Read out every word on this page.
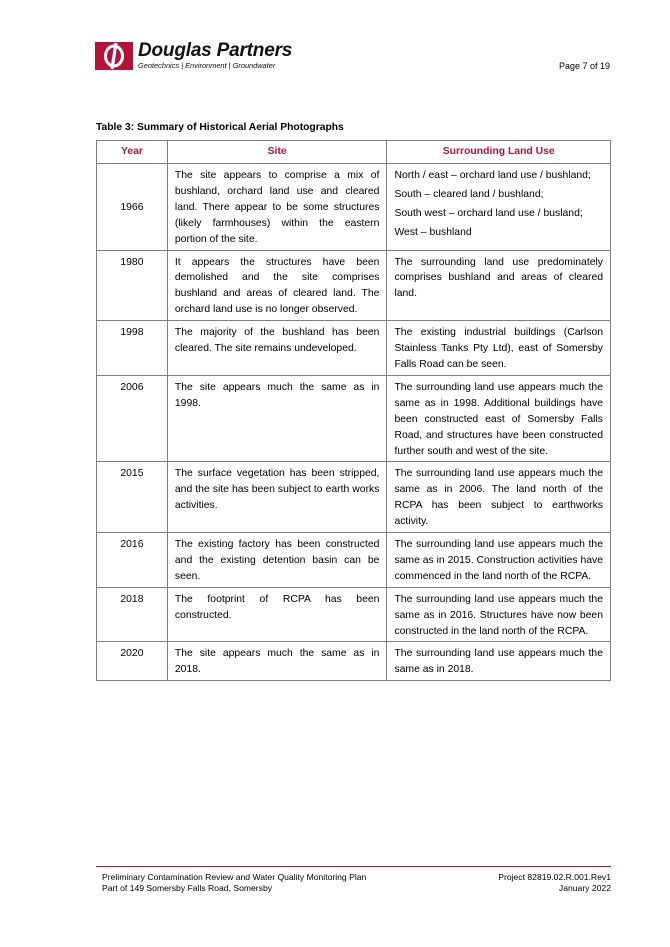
Douglas Partners
Geotechnics | Environment | Groundwater	Page 7 of 19
Table 3: Summary of Historical Aerial Photographs
Year	Site	Surrounding Land Use
1966	The site appears to comprise a mix of bushland, orchard land use and cleared land. There appear to be some structures (likely farmhouses) within the eastern portion of the site.	North / east – orchard land use / bushland;
South – cleared land / bushland;
South west – orchard land use / busland;
West – bushland

1980	It appears the structures have been demolished and the site comprises bushland and areas of cleared land. The orchard land use is no longer observed.	The surrounding land use predominately comprises bushland and areas of cleared land.
1998	The majority of the bushland has been cleared. The site remains undeveloped.	The existing industrial buildings (Carlson Stainless Tanks Pty Ltd), east of Somersby Falls Road can be seen.
2006	The site appears much the same as in 1998.	The surrounding land use appears much the same as in 1998. Additional buildings have been constructed east of Somersby Falls Road, and structures have been constructed further south and west of the site.
2015	The surface vegetation has been stripped, and the site has been subject to earth works activities.	The surrounding land use appears much the same as in 2006. The land north of the RCPA has been subject to earthworks activity.
2016	The existing factory has been constructed and the existing detention basin can be seen.	The surrounding land use appears much the same as in 2015. Construction activities have commenced in the land north of the RCPA.
2018	The footprint of RCPA has been constructed.	The surrounding land use appears much the same as in 2016. Structures have now been constructed in the land north of the RCPA.
2020	The site appears much the same as in 2018.	The surrounding land use appears much the same as in 2018.
Preliminary Contamination Review and Water Quality Monitoring Plan
Part of 149 Somersby Falls Road, Somersby
Project 82819.02.R.001.Rev1
January 2022
